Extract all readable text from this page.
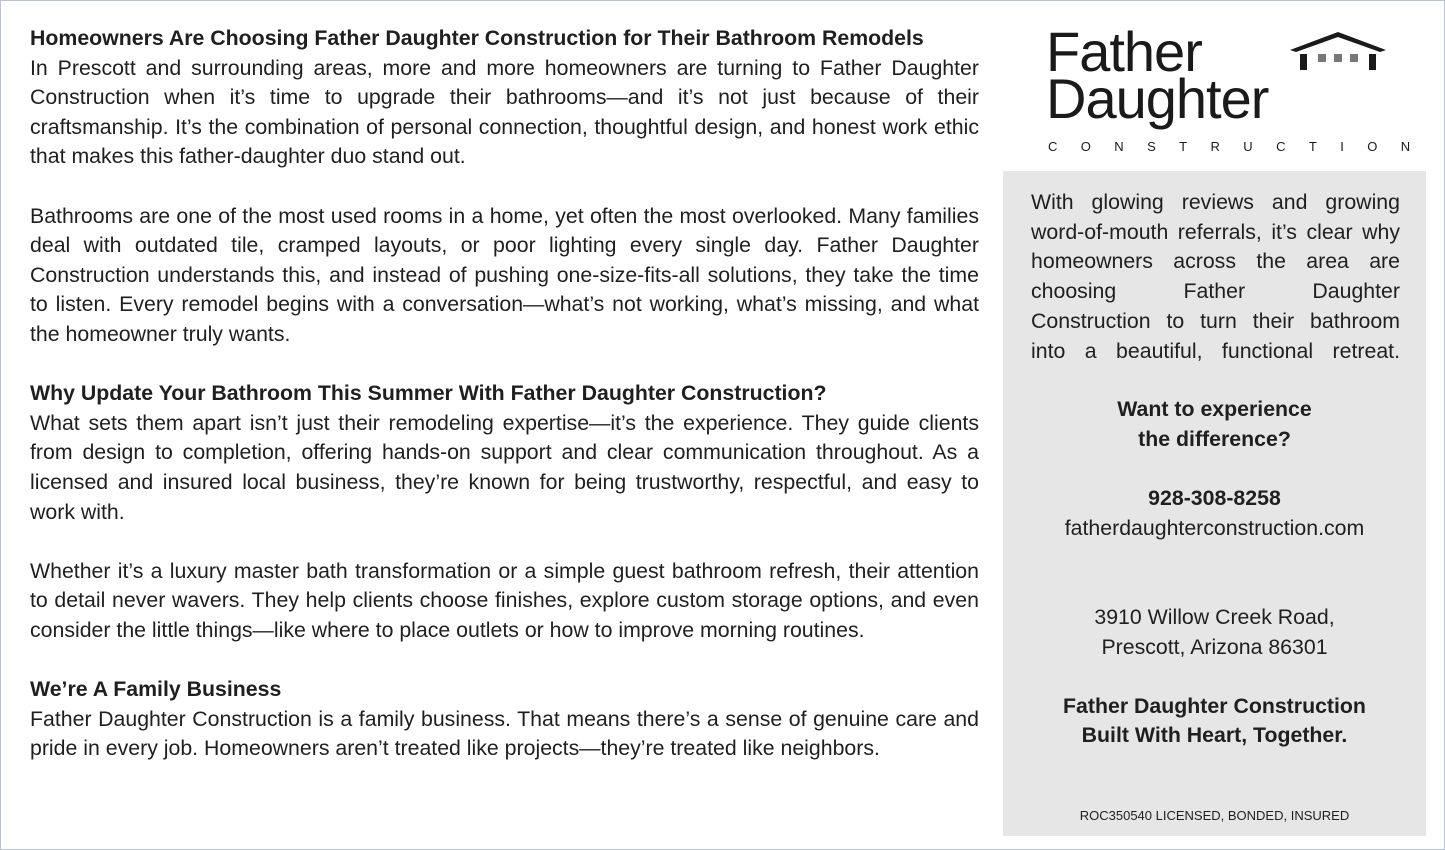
Homeowners Are Choosing Father Daughter Construction for Their Bathroom Remodels

In Prescott and surrounding areas, more and more homeowners are turning to Father Daughter Construction when it’s time to upgrade their bathrooms—and it’s not just because of their craftsmanship. It’s the combination of personal connection, thoughtful design, and honest work ethic that makes this father-daughter duo stand out.

Bathrooms are one of the most used rooms in a home, yet often the most overlooked. Many families deal with outdated tile, cramped layouts, or poor lighting every single day. Father Daughter Construction understands this, and instead of pushing one-size-fits-all solutions, they take the time to listen. Every remodel begins with a conversation—what’s not working, what’s missing, and what the homeowner truly wants.

Why Update Your Bathroom This Summer With Father Daughter Construction?

What sets them apart isn’t just their remodeling expertise—it’s the experience. They guide clients from design to completion, offering hands-on support and clear communication throughout. As a licensed and insured local business, they’re known for being trustworthy, respectful, and easy to work with.

Whether it’s a luxury master bath transformation or a simple guest bathroom refresh, their attention to detail never wavers. They help clients choose finishes, explore custom storage options, and even consider the little things—like where to place outlets or how to improve morning routines.

We’re A Family Business

Father Daughter Construction is a family business. That means there’s a sense of genuine care and pride in every job. Homeowners aren’t treated like projects—they’re treated like neighbors.

Father
Daughter
CONSTRUCTION
With glowing reviews and growing word-of-mouth referrals, it’s clear why homeowners across the area are choosing Father Daughter Construction to turn their bathroom into a beautiful, functional retreat.
Want to experience
the difference?
928-308-8258
fatherdaughterconstruction.com
3910 Willow Creek Road,
Prescott, Arizona 86301
Father Daughter Construction
Built With Heart, Together.
ROC350540 LICENSED, BONDED, INSURED
